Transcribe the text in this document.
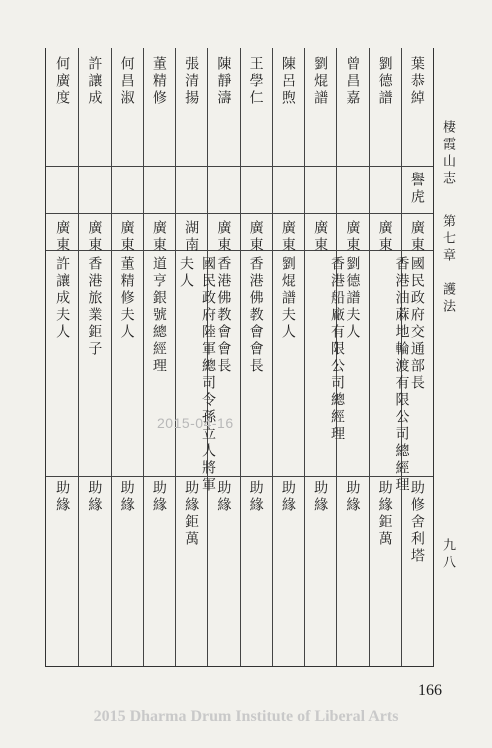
葉恭綽
譽虎
廣東
國民政府交通部長
助修舍利塔
劉德譜
廣東
香港油蔴地輪渡有限公司總經理
助緣鉅萬
曾昌嘉
廣東
劉德譜夫人
助緣
劉焜譜
廣東
香港船廠有限公司總經理
助緣
陳呂煦
廣東
劉焜譜夫人
助緣
王學仁
廣東
香港佛教會會長
助緣
陳靜濤
廣東
香港佛教會會長
助緣
張清揚
湖南
國民政府陸軍總司令孫立人將軍夫人
助緣鉅萬
董精修
廣東
道亨銀號總經理
助緣
何昌淑
廣東
董精修夫人
助緣
許讓成
廣東
香港旅業鉅子
助緣
何廣度
廣東
許讓成夫人
助緣
棲霞山志
第七章　護法
九八
2015-04-16
166
2015 Dharma Drum Institute of Liberal Arts
